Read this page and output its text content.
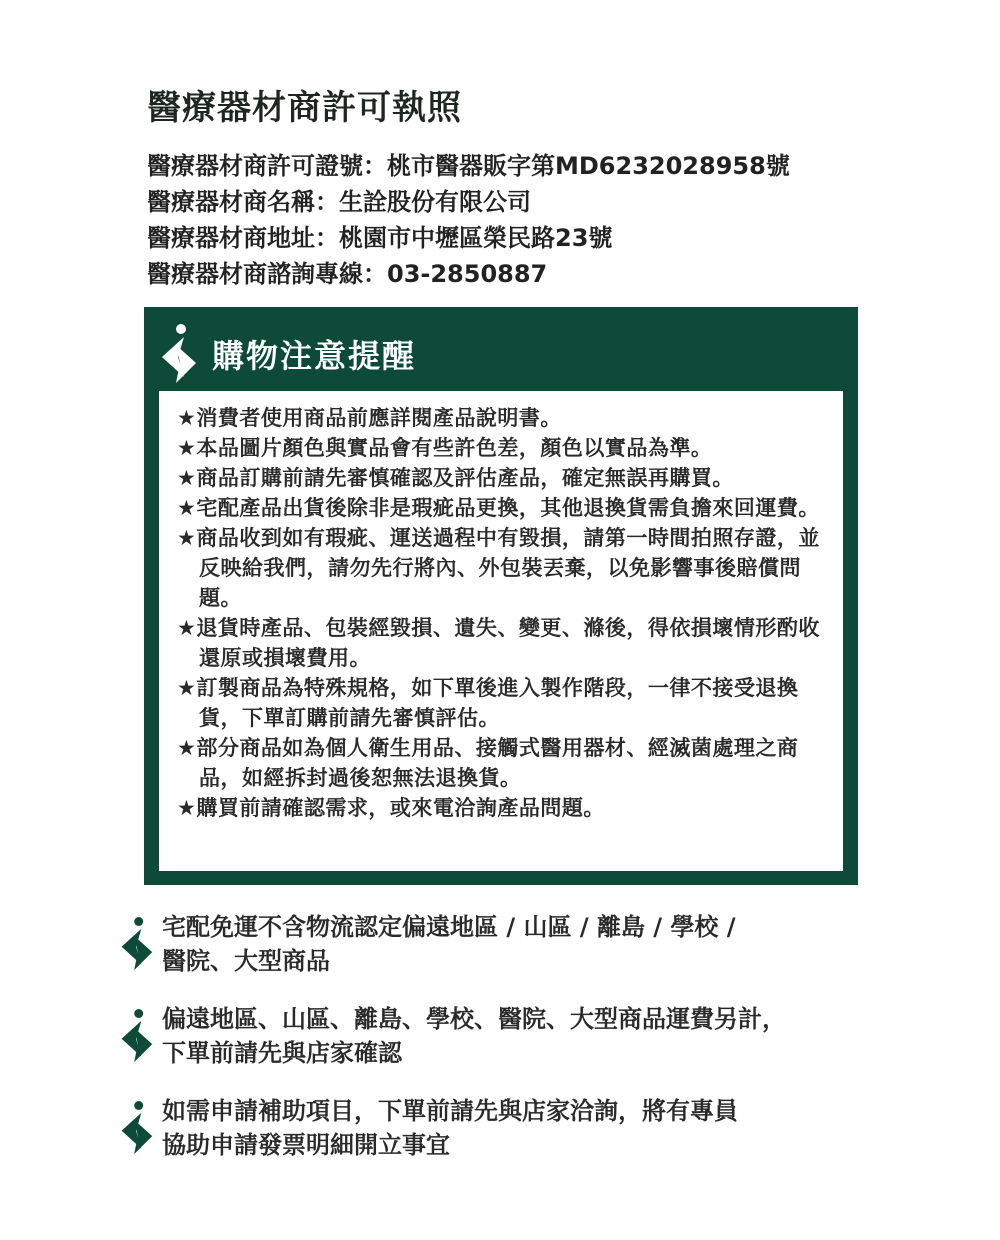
醫療器材商許可執照
醫療器材商許可證號：桃市醫器販字第MD6232028958號
醫療器材商名稱：生詮股份有限公司
醫療器材商地址：桃園市中壢區榮民路23號
醫療器材商諮詢專線：03-2850887
購物注意提醒
★消費者使用商品前應詳閱產品說明書。
★本品圖片顏色與實品會有些許色差，顏色以實品為準。
★商品訂購前請先審慎確認及評估產品，確定無誤再購買。
★宅配產品出貨後除非是瑕疵品更換，其他退換貨需負擔來回運費。
★商品收到如有瑕疵、運送過程中有毀損，請第一時間拍照存證，並反映給我們，請勿先行將內、外包裝丟棄，以免影響事後賠償問題。
★退貨時產品、包裝經毀損、遺失、變更、滌後，得依損壞情形酌收還原或損壞費用。
★訂製商品為特殊規格，如下單後進入製作階段，一律不接受退換貨，下單訂購前請先審慎評估。
★部分商品如為個人衛生用品、接觸式醫用器材、經滅菌處理之商品，如經拆封過後恕無法退換貨。
★購買前請確認需求，或來電洽詢產品問題。
宅配免運不含物流認定偏遠地區 / 山區 / 離島 / 學校 /
醫院、大型商品
偏遠地區、山區、離島、學校、醫院、大型商品運費另計，
下單前請先與店家確認
如需申請補助項目，下單前請先與店家洽詢，將有專員
協助申請發票明細開立事宜
